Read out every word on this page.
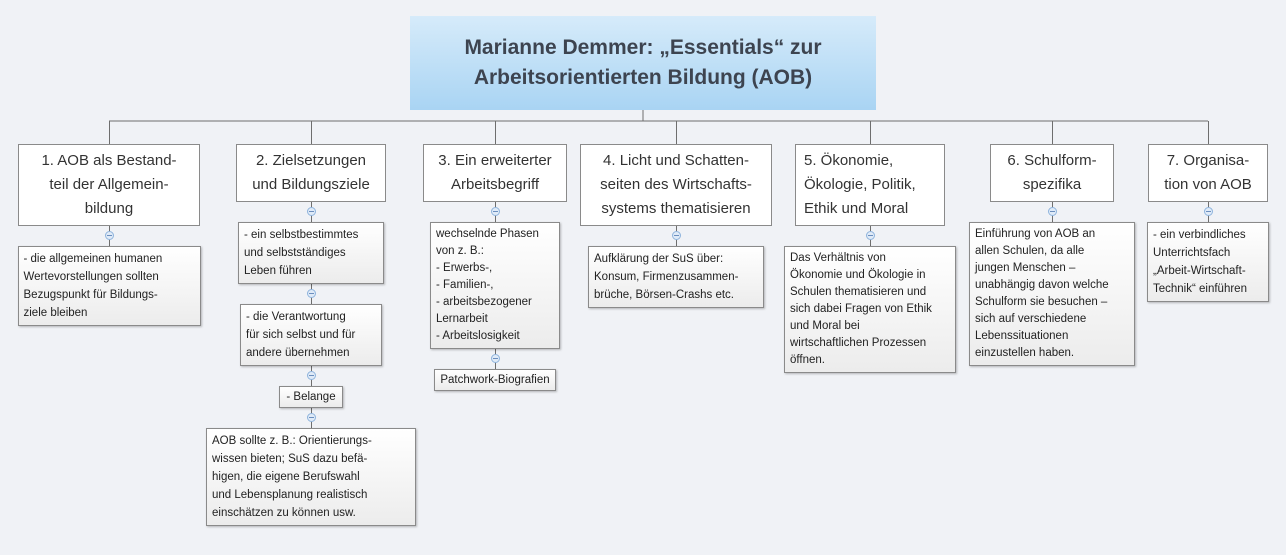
Marianne Demmer: „Essentials“ zur
Arbeitsorientierten Bildung (AOB)
1. AOB als Bestand-
teil der Allgemein-
bildung
- die allgemeinen humanen
Wertevorstellungen sollten
Bezugspunkt für Bildungs-
ziele bleiben
2. Zielsetzungen
und Bildungsziele
- ein selbstbestimmtes
und selbstständiges
Leben führen
- die Verantwortung
für sich selbst und für
andere übernehmen
- Belange
AOB sollte z. B.: Orientierungs-
wissen bieten; SuS dazu befä-
higen, die eigene Berufswahl
und Lebensplanung realistisch
einschätzen zu können usw.
3. Ein erweiterter
Arbeitsbegriff
wechselnde Phasen
von z. B.:
- Erwerbs-,
- Familien-,
- arbeitsbezogener
Lernarbeit
- Arbeitslosigkeit
Patchwork-Biografien
4. Licht und Schatten-
seiten des Wirtschafts-
systems thematisieren
Aufklärung der SuS über:
Konsum, Firmenzusammen-
brüche, Börsen-Crashs etc.
5. Ökonomie,
Ökologie, Politik,
Ethik und Moral
Das Verhältnis von
Ökonomie und Ökologie in
Schulen thematisieren und
sich dabei Fragen von Ethik
und Moral bei
wirtschaftlichen Prozessen
öffnen.
6. Schulform-
spezifika
Einführung von AOB an
allen Schulen, da alle
jungen Menschen –
unabhängig davon welche
Schulform sie besuchen –
sich auf verschiedene
Lebenssituationen
einzustellen haben.
7. Organisa-
tion von AOB
- ein verbindliches
Unterrichtsfach
„Arbeit-Wirtschaft-
Technik“ einführen
